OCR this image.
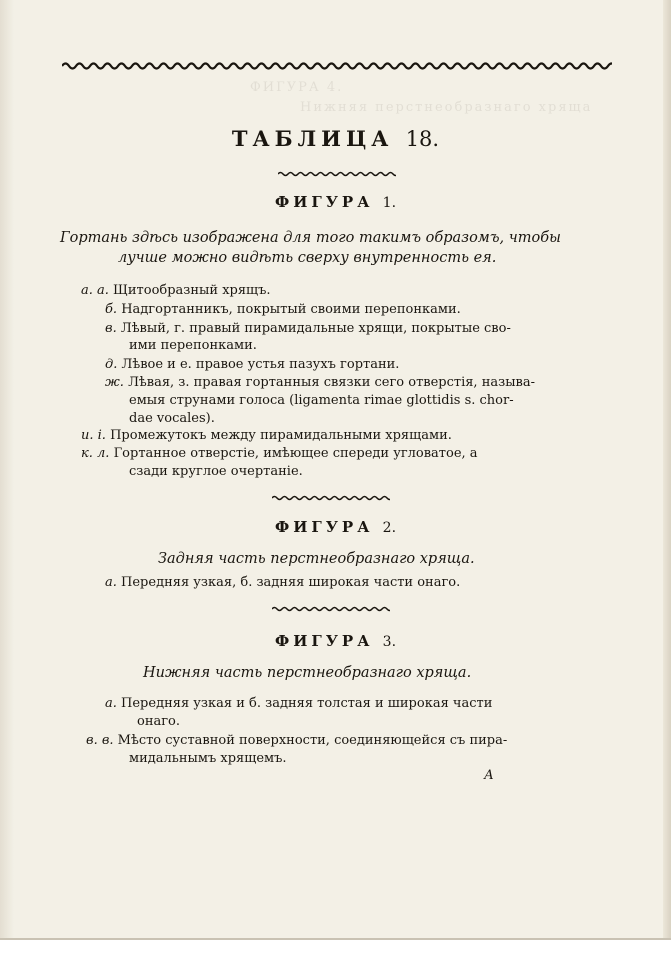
ФИГУРА 4.
Нижняя перстнеобразнаго хряща
ТАБЛИЦА 18.
ФИГУРА 1.
Гортань здѣсь изображена для того такимъ образомъ, чтобы
лучше можно видѣть сверху внутренность ея.
а. а. Щитообразный хрящъ.
б. Надгортанникъ, покрытый своими перепонками.
в. Лѣвый, г. правый пирамидальные хрящи, покрытые сво-
ими перепонками.
д. Лѣвое и е. правое устья пазухъ гортани.
ж. Лѣвая, з. правая гортанныя связки сего отверстія, называ-
емыя струнами голоса (ligamenta rimae glottidis s. chor-
dae vocales).
и. і. Промежутокъ между пирамидальными хрящами.
к. л. Гортанное отверстіе, имѣющее спереди угловатое, а
сзади круглое очертаніе.
ФИГУРА 2.
Задняя часть перстнеобразнаго хряща.
а. Передняя узкая, б. задняя широкая части онаго.
ФИГУРА 3.
Нижняя часть перстнеобразнаго хряща.
а. Передняя узкая и б. задняя толстая и широкая части
онаго.
в. в. Мѣсто суставной поверхности, соединяющейся съ пира-
мидальнымъ хрящемъ.
А
